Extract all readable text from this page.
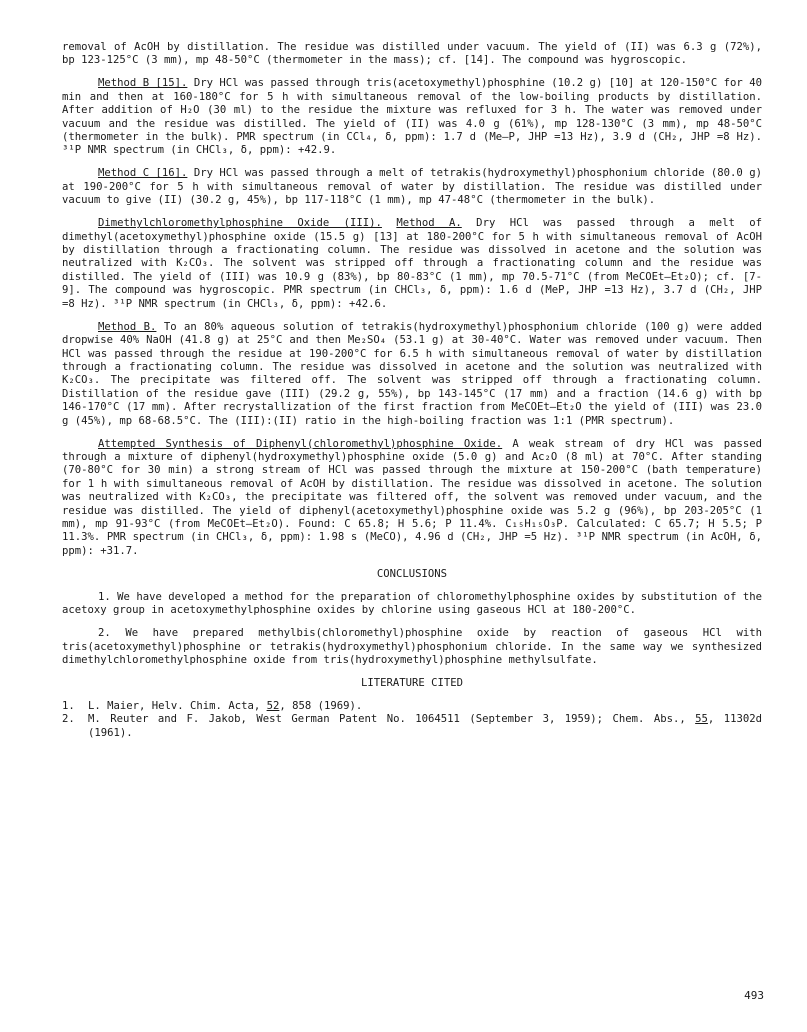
removal of AcOH by distillation. The residue was distilled under vacuum. The yield of (II) was 6.3 g (72%), bp 123-125°C (3 mm), mp 48-50°C (thermometer in the mass); cf. [14]. The compound was hygroscopic.

Method B [15]. Dry HCl was passed through tris(acetoxymethyl)phosphine (10.2 g) [10] at 120-150°C for 40 min and then at 160-180°C for 5 h with simultaneous removal of the low-boiling products by distillation. After addition of H₂O (30 ml) to the residue the mixture was refluxed for 3 h. The water was removed under vacuum and the residue was distilled. The yield of (II) was 4.0 g (61%), mp 128-130°C (3 mm), mp 48-50°C (thermometer in the bulk). PMR spectrum (in CCl₄, δ, ppm): 1.7 d (Me—P, JHP =13 Hz), 3.9 d (CH₂, JHP =8 Hz). ³¹P NMR spectrum (in CHCl₃, δ, ppm): +42.9.

Method C [16]. Dry HCl was passed through a melt of tetrakis(hydroxymethyl)phosphonium chloride (80.0 g) at 190-200°C for 5 h with simultaneous removal of water by distillation. The residue was distilled under vacuum to give (II) (30.2 g, 45%), bp 117-118°C (1 mm), mp 47-48°C (thermometer in the bulk).

Dimethylchloromethylphosphine Oxide (III). Method A. Dry HCl was passed through a melt of dimethyl(acetoxymethyl)phosphine oxide (15.5 g) [13] at 180-200°C for 5 h with simultaneous removal of AcOH by distillation through a fractionating column. The residue was dissolved in acetone and the solution was neutralized with K₂CO₃. The solvent was stripped off through a fractionating column and the residue was distilled. The yield of (III) was 10.9 g (83%), bp 80-83°C (1 mm), mp 70.5-71°C (from MeCOEt—Et₂O); cf. [7-9]. The compound was hygroscopic. PMR spectrum (in CHCl₃, δ, ppm): 1.6 d (MeP, JHP =13 Hz), 3.7 d (CH₂, JHP =8 Hz). ³¹P NMR spectrum (in CHCl₃, δ, ppm): +42.6.

Method B. To an 80% aqueous solution of tetrakis(hydroxymethyl)phosphonium chloride (100 g) were added dropwise 40% NaOH (41.8 g) at 25°C and then Me₂SO₄ (53.1 g) at 30-40°C. Water was removed under vacuum. Then HCl was passed through the residue at 190-200°C for 6.5 h with simultaneous removal of water by distillation through a fractionating column. The residue was dissolved in acetone and the solution was neutralized with K₂CO₃. The precipitate was filtered off. The solvent was stripped off through a fractionating column. Distillation of the residue gave (III) (29.2 g, 55%), bp 143-145°C (17 mm) and a fraction (14.6 g) with bp 146-170°C (17 mm). After recrystallization of the first fraction from MeCOEt—Et₂O the yield of (III) was 23.0 g (45%), mp 68-68.5°C. The (III):(II) ratio in the high-boiling fraction was 1:1 (PMR spectrum).

Attempted Synthesis of Diphenyl(chloromethyl)phosphine Oxide. A weak stream of dry HCl was passed through a mixture of diphenyl(hydroxymethyl)phosphine oxide (5.0 g) and Ac₂O (8 ml) at 70°C. After standing (70-80°C for 30 min) a strong stream of HCl was passed through the mixture at 150-200°C (bath temperature) for 1 h with simultaneous removal of AcOH by distillation. The residue was dissolved in acetone. The solution was neutralized with K₂CO₃, the precipitate was filtered off, the solvent was removed under vacuum, and the residue was distilled. The yield of diphenyl(acetoxymethyl)phosphine oxide was 5.2 g (96%), bp 203-205°C (1 mm), mp 91-93°C (from MeCOEt—Et₂O). Found: C 65.8; H 5.6; P 11.4%. C₁₅H₁₅O₃P. Calculated: C 65.7; H 5.5; P 11.3%. PMR spectrum (in CHCl₃, δ, ppm): 1.98 s (MeCO), 4.96 d (CH₂, JHP =5 Hz). ³¹P NMR spectrum (in AcOH, δ, ppm): +31.7.

CONCLUSIONS

1. We have developed a method for the preparation of chloromethylphosphine oxides by substitution of the acetoxy group in acetoxymethylphosphine oxides by chlorine using gaseous HCl at 180-200°C.

2. We have prepared methylbis(chloromethyl)phosphine oxide by reaction of gaseous HCl with tris(acetoxymethyl)phosphine or tetrakis(hydroxymethyl)phosphonium chloride. In the same way we synthesized dimethylchloromethylphosphine oxide from tris(hydroxymethyl)phosphine methylsulfate.

LITERATURE CITED

1.	L. Maier, Helv. Chim. Acta, 52, 858 (1969).
2.	M. Reuter and F. Jakob, West German Patent No. 1064511 (September 3, 1959); Chem. Abs., 55, 11302d (1961).
493
